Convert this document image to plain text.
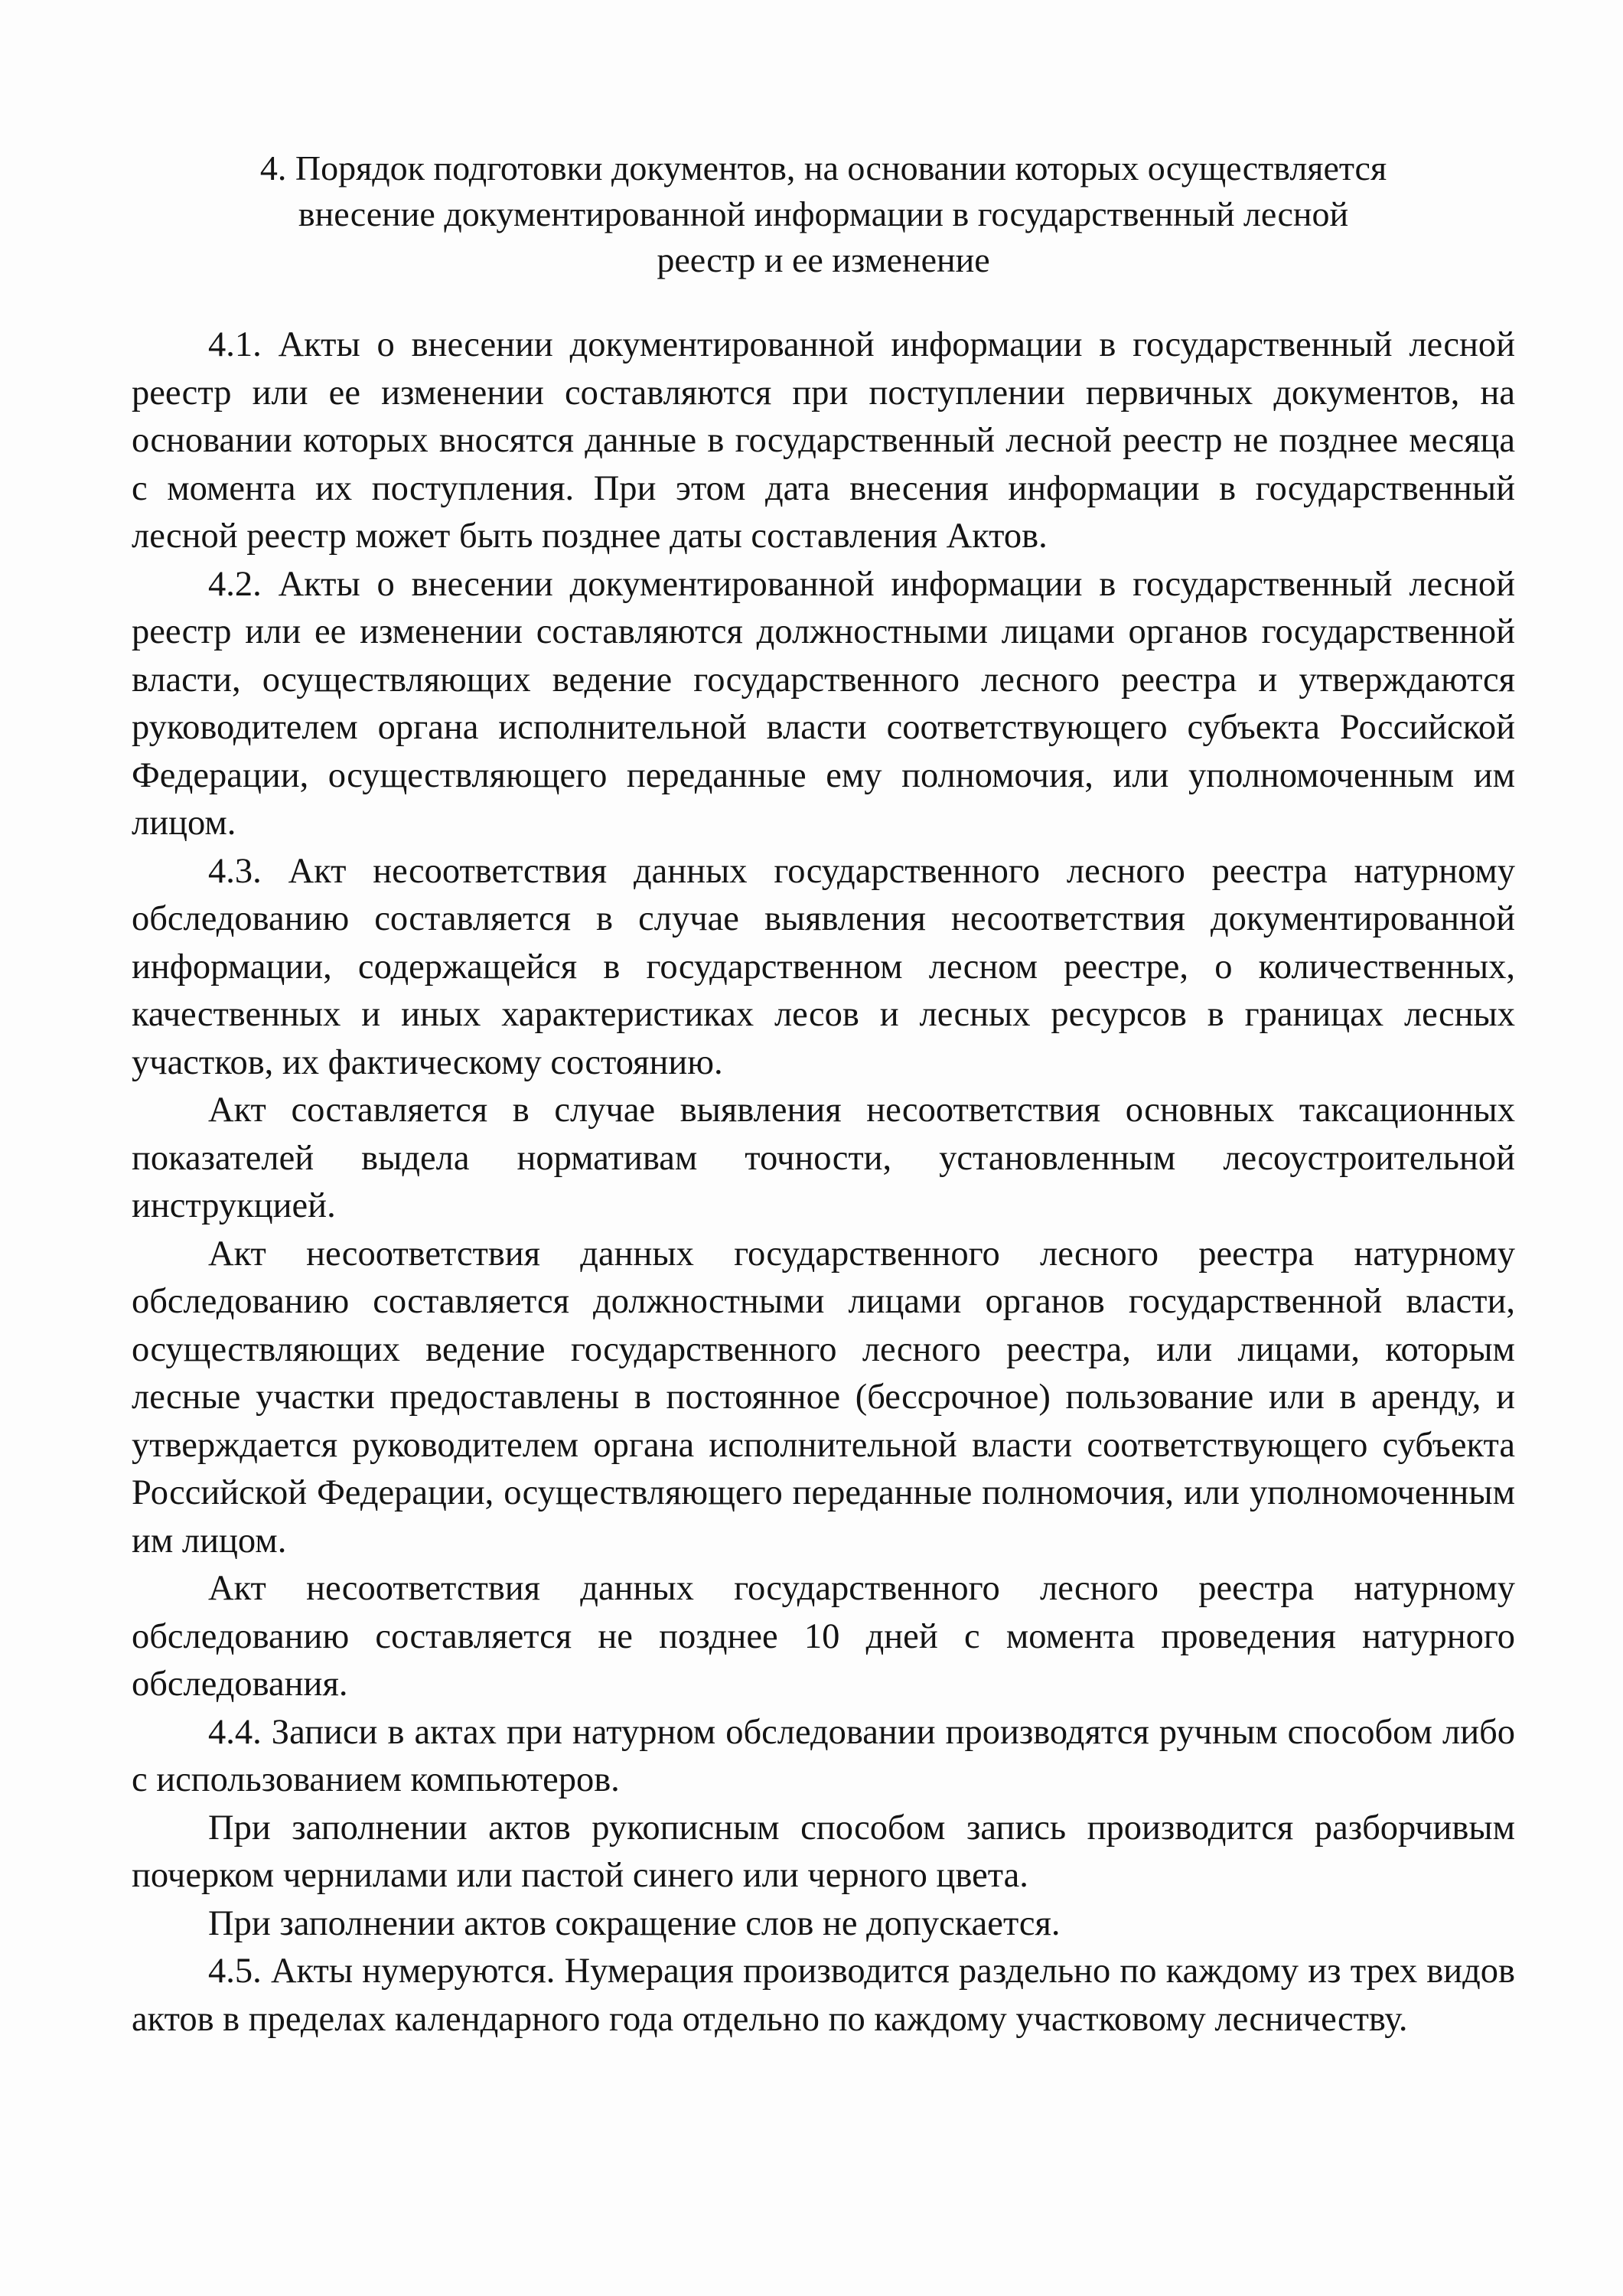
4. Порядок подготовки документов, на основании которых осуществляется внесение документированной информации в государственный лесной реестр и ее изменение

4.1. Акты о внесении документированной информации в государственный лесной реестр или ее изменении составляются при поступлении первичных документов, на основании которых вносятся данные в государственный лесной реестр не позднее месяца с момента их поступления. При этом дата внесения информации в государственный лесной реестр может быть позднее даты составления Актов.

4.2. Акты о внесении документированной информации в государственный лесной реестр или ее изменении составляются должностными лицами органов государственной власти, осуществляющих ведение государственного лесного реестра и утверждаются руководителем органа исполнительной власти соответствующего субъекта Российской Федерации, осуществляющего переданные ему полномочия, или уполномоченным им лицом.

4.3. Акт несоответствия данных государственного лесного реестра натурному обследованию составляется в случае выявления несоответствия документированной информации, содержащейся в государственном лесном реестре, о количественных, качественных и иных характеристиках лесов и лесных ресурсов в границах лесных участков, их фактическому состоянию.

Акт составляется в случае выявления несоответствия основных таксационных показателей выдела нормативам точности, установленным лесоустроительной инструкцией.

Акт несоответствия данных государственного лесного реестра натурному обследованию составляется должностными лицами органов государственной власти, осуществляющих ведение государственного лесного реестра, или лицами, которым лесные участки предоставлены в постоянное (бессрочное) пользование или в аренду, и утверждается руководителем органа исполнительной власти соответствующего субъекта Российской Федерации, осуществляющего переданные полномочия, или уполномоченным им лицом.

Акт несоответствия данных государственного лесного реестра натурному обследованию составляется не позднее 10 дней с момента проведения натурного обследования.

4.4. Записи в актах при натурном обследовании производятся ручным способом либо с использованием компьютеров.

При заполнении актов рукописным способом запись производится разборчивым почерком чернилами или пастой синего или черного цвета.

При заполнении актов сокращение слов не допускается.

4.5. Акты нумеруются. Нумерация производится раздельно по каждому из трех видов актов в пределах календарного года отдельно по каждому участковому лесничеству.
